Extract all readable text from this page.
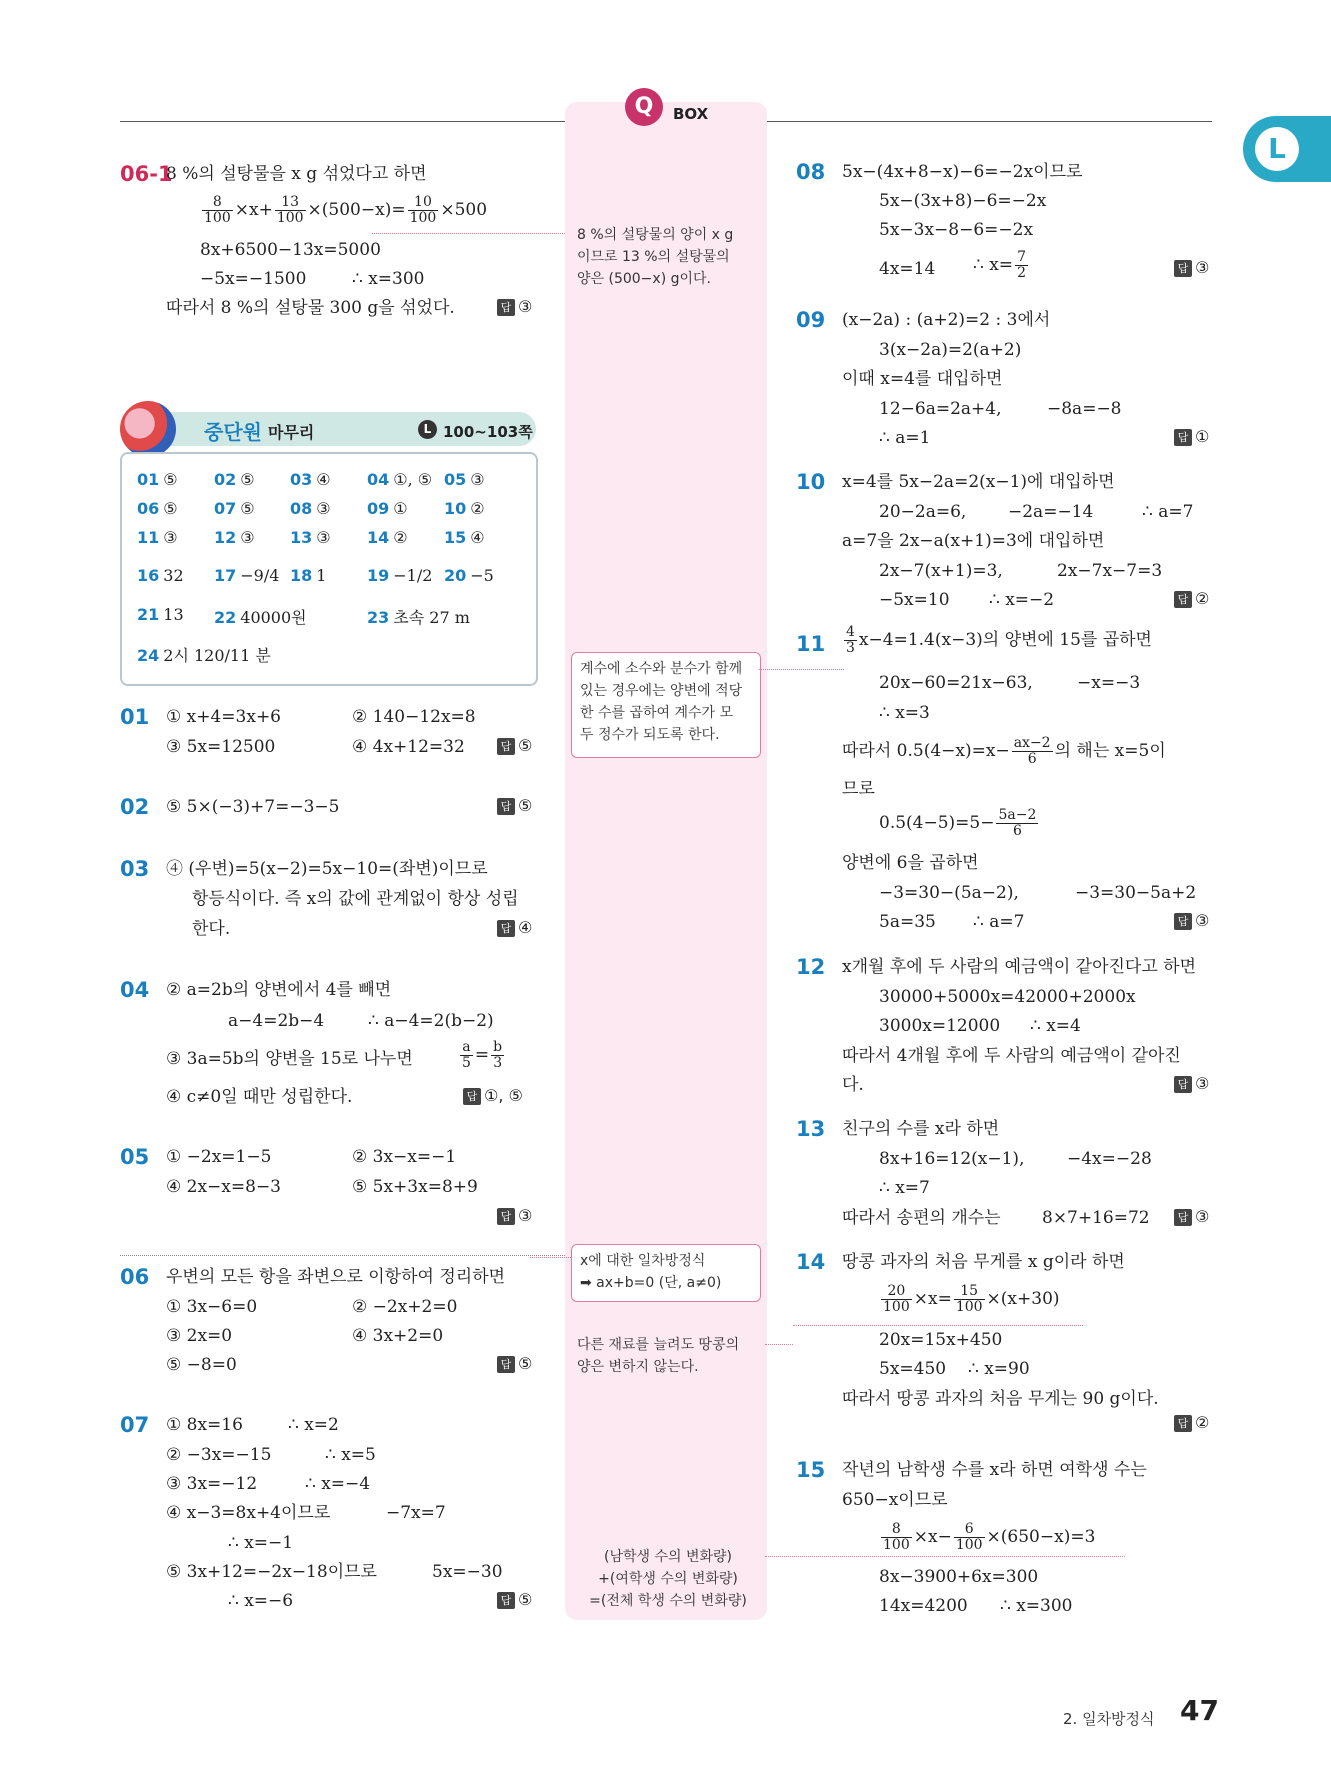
Q	BOX
L
06-1
8 %의 설탕물을 x g 섞었다고 하면
$\frac{8}{100} \times x+ \frac{13}{100} \times(500-x)= \frac{10}{100} \times 500$
8x+6500−13x=5000
−5x=−1500	∴ x=300
따라서 8 %의 설탕물 300 g을 섞었다.	답 ③
중단원 마무리	L 100~103쪽
01 ⑤ 02 ⑤ 03 ④ 04 ①, ⑤ 05 ③
06 ⑤ 07 ⑤ 08 ③ 09 ① 10 ②
11 ③ 12 ③ 13 ③ 14 ② 15 ④
16 32 17 −9/4 18 1	19 −1/2 20 −5
21 13 22 40000원	23 초속 27 m
24 2시 120/11 분
01 ① x+4=3x+6	② 140−12x=8
③ 5x=12500	④ 4x+12=32	답 ⑤
02 ⑤ 5×(−3)+7=−3−5	답 ⑤
03 ④ (우변)=5(x−2)=5x−10=(좌변)이므로
항등식이다. 즉 x의 값에 관계없이 항상 성립
한다.	답 ④
04 ② a=2b의 양변에서 4를 빼면
a−4=2b−4	∴ a−4=2(b−2)
③ 3a=5b의 양변을 15로 나누면	$\frac{a}{5} = \frac{b}{3}$
④ c≠0일 때만 성립한다.	답 ①, ⑤
05 ① −2x=1−5	② 3x−x=−1
④ 2x−x=8−3	⑤ 5x+3x=8+9
답 ③
06 우변의 모든 항을 좌변으로 이항하여 정리하면
① 3x−6=0	② −2x+2=0
③ 2x=0	④ 3x+2=0
⑤ −8=0	답 ⑤
07 ① 8x=16	∴ x=2
② −3x=−15	∴ x=5
③ 3x=−12	∴ x=−4
④ x−3=8x+4이므로	−7x=7
∴ x=−1
⑤ 3x+12=−2x−18이므로	5x=−30
∴ x=−6	답 ⑤
8 %의 설탕물의 양이 x g
이므로 13 %의 설탕물의
양은 (500−x) g이다.
계수에 소수와 분수가 함께
있는 경우에는 양변에 적당
한 수를 곱하여 계수가 모
두 정수가 되도록 한다.
x에 대한 일차방정식
➡ ax+b=0 (단, a≠0)
다른 재료를 늘려도 땅콩의
양은 변하지 않는다.
(남학생 수의 변화량)
+(여학생 수의 변화량)
=(전체 학생 수의 변화량)
08 5x−(4x+8−x)−6=−2x이므로
5x−(3x+8)−6=−2x
5x−3x−8−6=−2x
4x=14 ∴ $x= \frac{7}{2}$	답 ③
09 (x−2a) : (a+2)=2 : 3에서
3(x−2a)=2(a+2)
이때 x=4를 대입하면
12−6a=2a+4,	−8a=−8
∴ a=1	답 ①
10 x=4를 5x−2a=2(x−1)에 대입하면
20−2a=6, −2a=−14	∴ a=7
a=7을 2x−a(x+1)=3에 대입하면
2x−7(x+1)=3,	2x−7x−7=3
−5x=10 ∴ x=−2	답 ②
$11 \frac{4}{3} x-4=1.4(x-3)$의 양변에 15를 곱하면
20x−60=21x−63,	−x=−3
∴ x=3
따라서 $0.5(4-x)=x- \frac{ax-2}{6}$ 의 해는 x=5이
므로
$0.5(4-5)=5- \frac{5a-2}{6}$
양변에 6을 곱하면
−3=30−(5a−2),	−3=30−5a+2
5a=35 ∴ a=7	답 ③
12 x개월 후에 두 사람의 예금액이 같아진다고 하면
30000+5000x=42000+2000x
3000x=12000 ∴ x=4
따라서 4개월 후에 두 사람의 예금액이 같아진
다.	답 ③
13 친구의 수를 x라 하면
8x+16=12(x−1),	−4x=−28
∴ x=7
따라서 송편의 개수는 8×7+16=72	답 ③
14 땅콩 과자의 처음 무게를 x g이라 하면
$\frac{20}{100} \times x= \frac{15}{100} \times(x+30)$
20x=15x+450
5x=450 ∴ x=90
따라서 땅콩 과자의 처음 무게는 90 g이다.
답 ②
15 작년의 남학생 수를 x라 하면 여학생 수는
650−x이므로
$\frac{8}{100} \times x- \frac{6}{100} \times(650-x)=3$
8x−3900+6x=300
14x=4200 ∴ x=300
2. 일차방정식 47
